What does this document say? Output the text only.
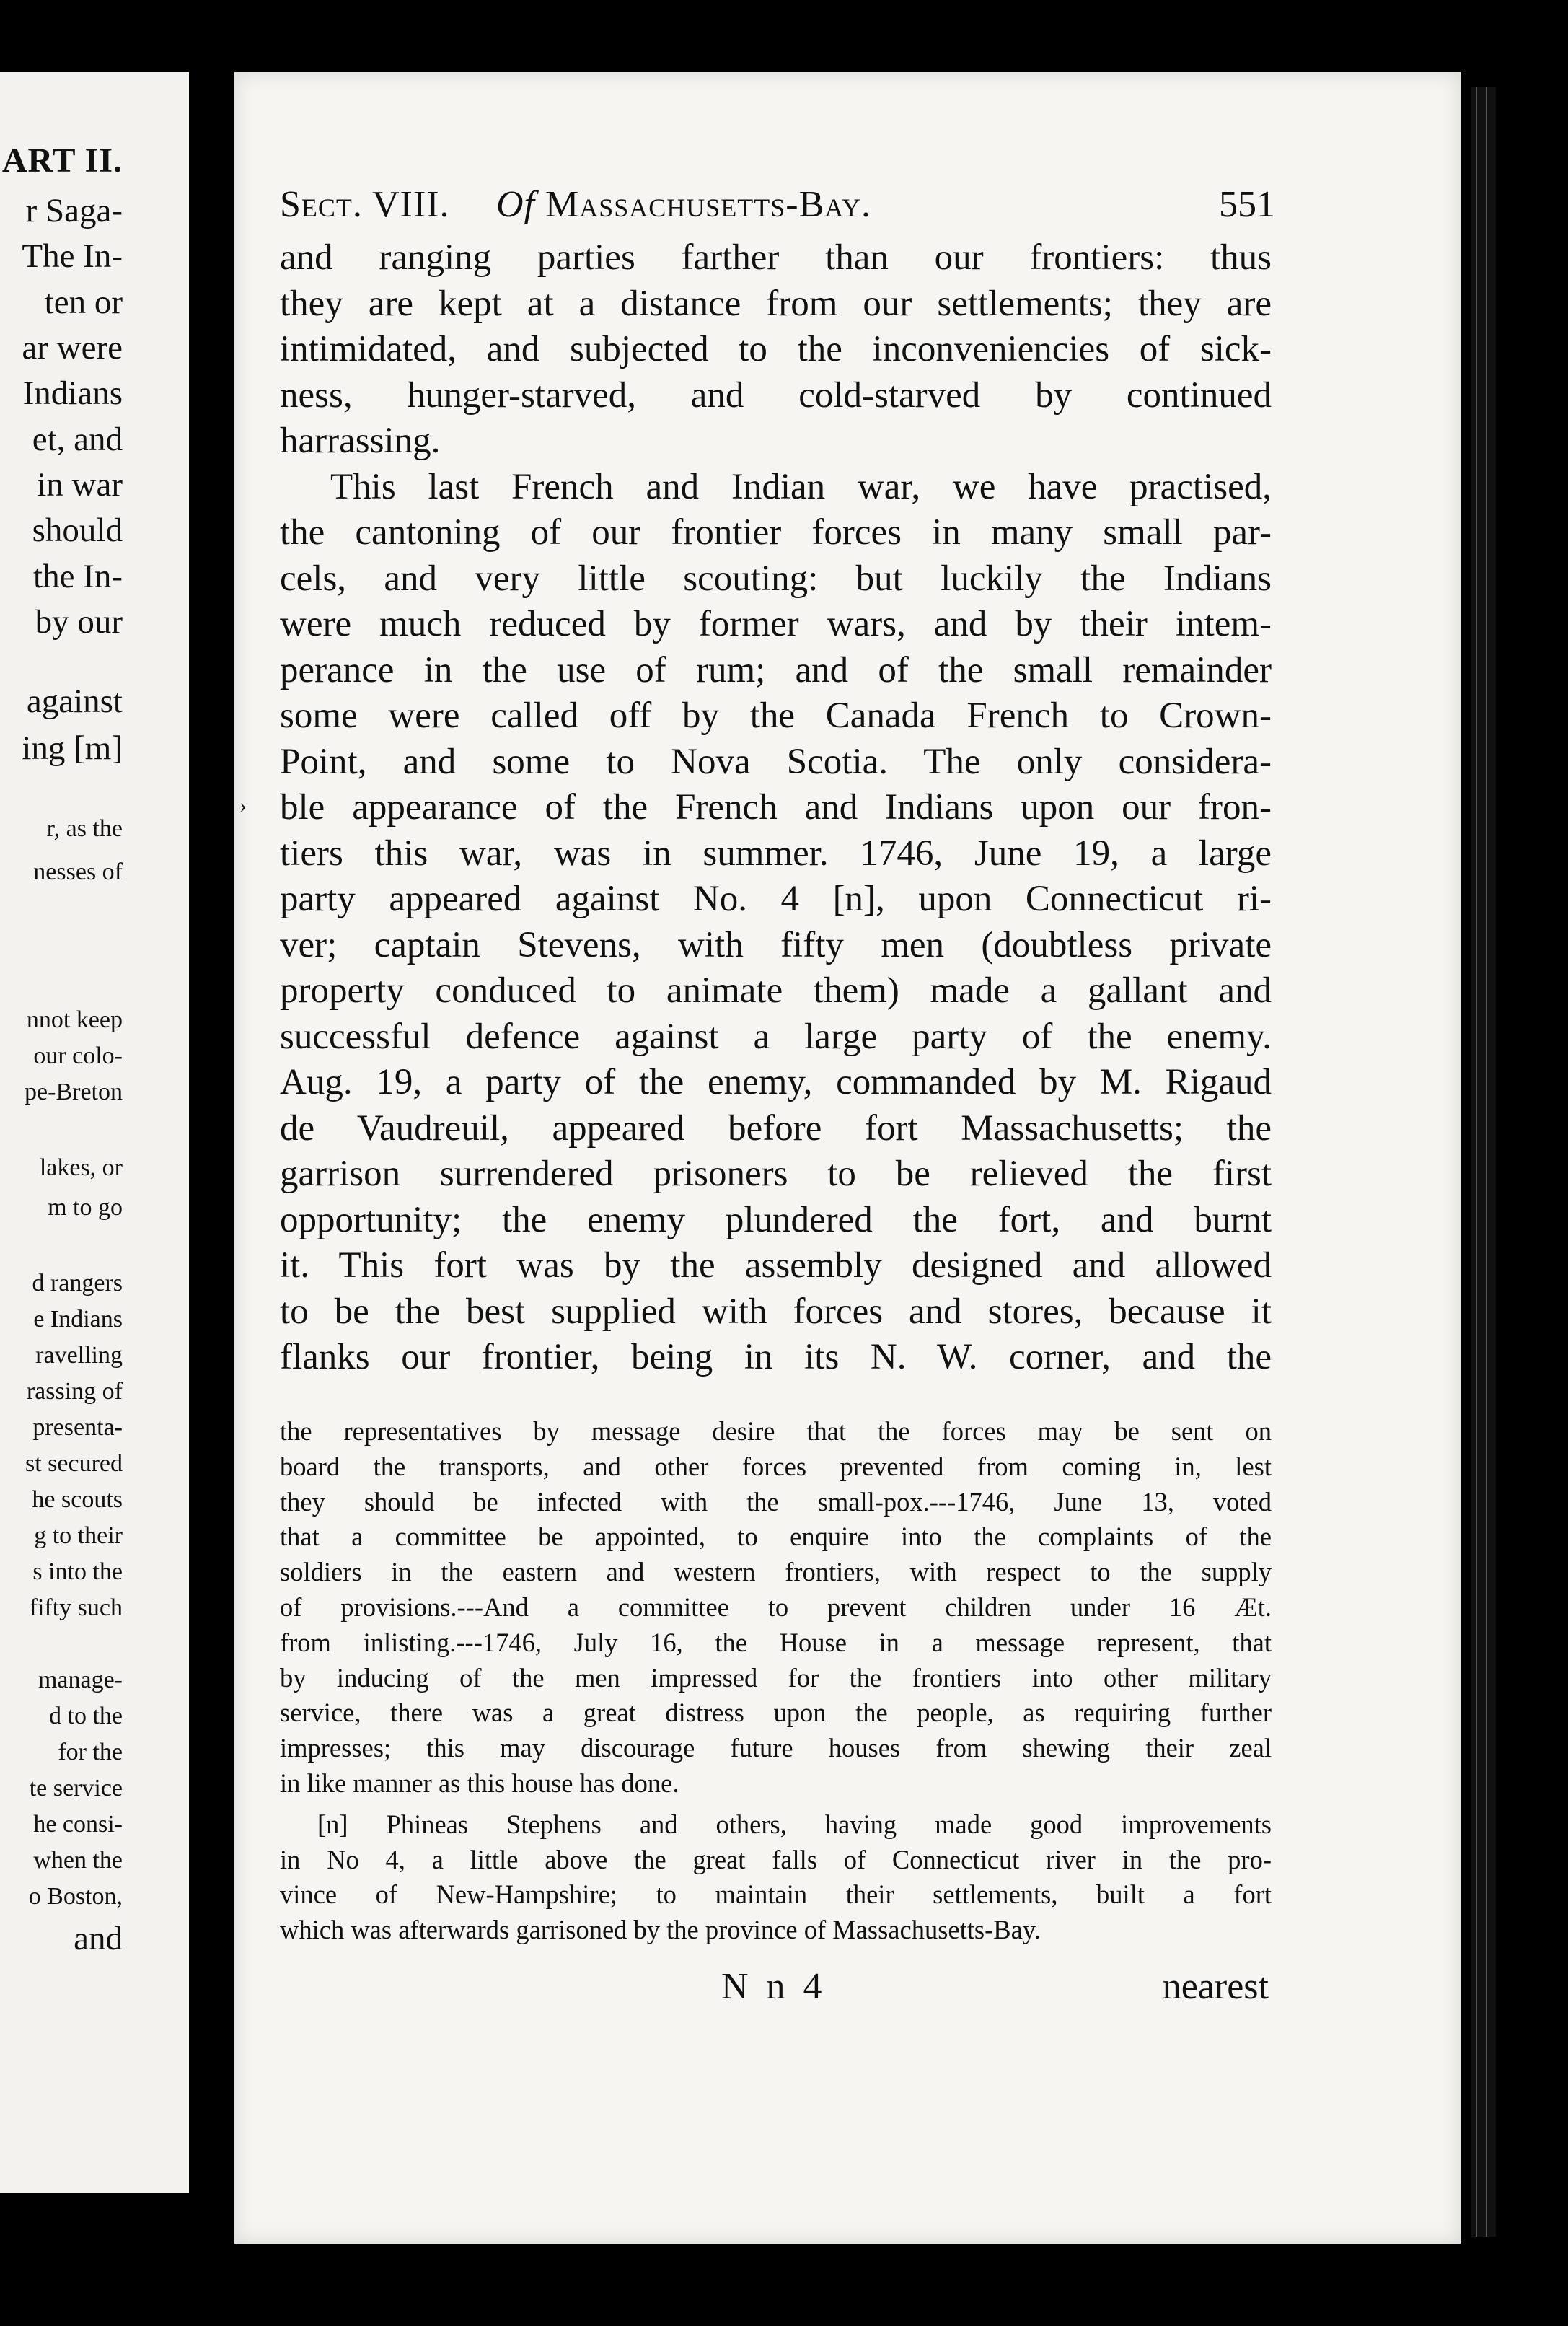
ART II.
r Saga-
The In-
ten or
ar were
Indians
et, and
in war
should
the In-
by our
against
ing [m]
r, as the
nesses of
nnot keep
our colo-
pe-Breton
lakes, or
m to go
d rangers
e Indians
ravelling
rassing of
presenta-
st secured
he scouts
g to their
s into the
fifty such
manage-
d to the
for the
te service
he consi-
when the
o Boston,
and
Sect. VIII. Of Massachusetts-Bay.	551
›
and ranging parties farther than our frontiers: thus
they are kept at a distance from our settlements; they are
intimidated, and subjected to the inconveniencies of sick-
ness, hunger-starved, and cold-starved by continued
harrassing.
This last French and Indian war, we have practised,
the cantoning of our frontier forces in many small par-
cels, and very little scouting: but luckily the Indians
were much reduced by former wars, and by their intem-
perance in the use of rum; and of the small remainder
some were called off by the Canada French to Crown-
Point, and some to Nova Scotia. The only considera-
ble appearance of the French and Indians upon our fron-
tiers this war, was in summer. 1746, June 19, a large
party appeared against No. 4 [n], upon Connecticut ri-
ver; captain Stevens, with fifty men (doubtless private
property conduced to animate them) made a gallant and
successful defence against a large party of the enemy.
Aug. 19, a party of the enemy, commanded by M. Rigaud
de Vaudreuil, appeared before fort Massachusetts; the
garrison surrendered prisoners to be relieved the first
opportunity; the enemy plundered the fort, and burnt
it. This fort was by the assembly designed and allowed
to be the best supplied with forces and stores, because it
flanks our frontier, being in its N. W. corner, and the
the representatives by message desire that the forces may be sent on
board the transports, and other forces prevented from coming in, lest
they should be infected with the small-pox.---1746, June 13, voted
that a committee be appointed, to enquire into the complaints of the
soldiers in the eastern and western frontiers, with respect to the supply
of provisions.---And a committee to prevent children under 16 Æt.
from inlisting.---1746, July 16, the House in a message represent, that
by inducing of the men impressed for the frontiers into other military
service, there was a great distress upon the people, as requiring further
impresses; this may discourage future houses from shewing their zeal
in like manner as this house has done.
[n] Phineas Stephens and others, having made good improvements
in No 4, a little above the great falls of Connecticut river in the pro-
vince of New-Hampshire; to maintain their settlements, built a fort
which was afterwards garrisoned by the province of Massachusetts-Bay.
N n 4	nearest
